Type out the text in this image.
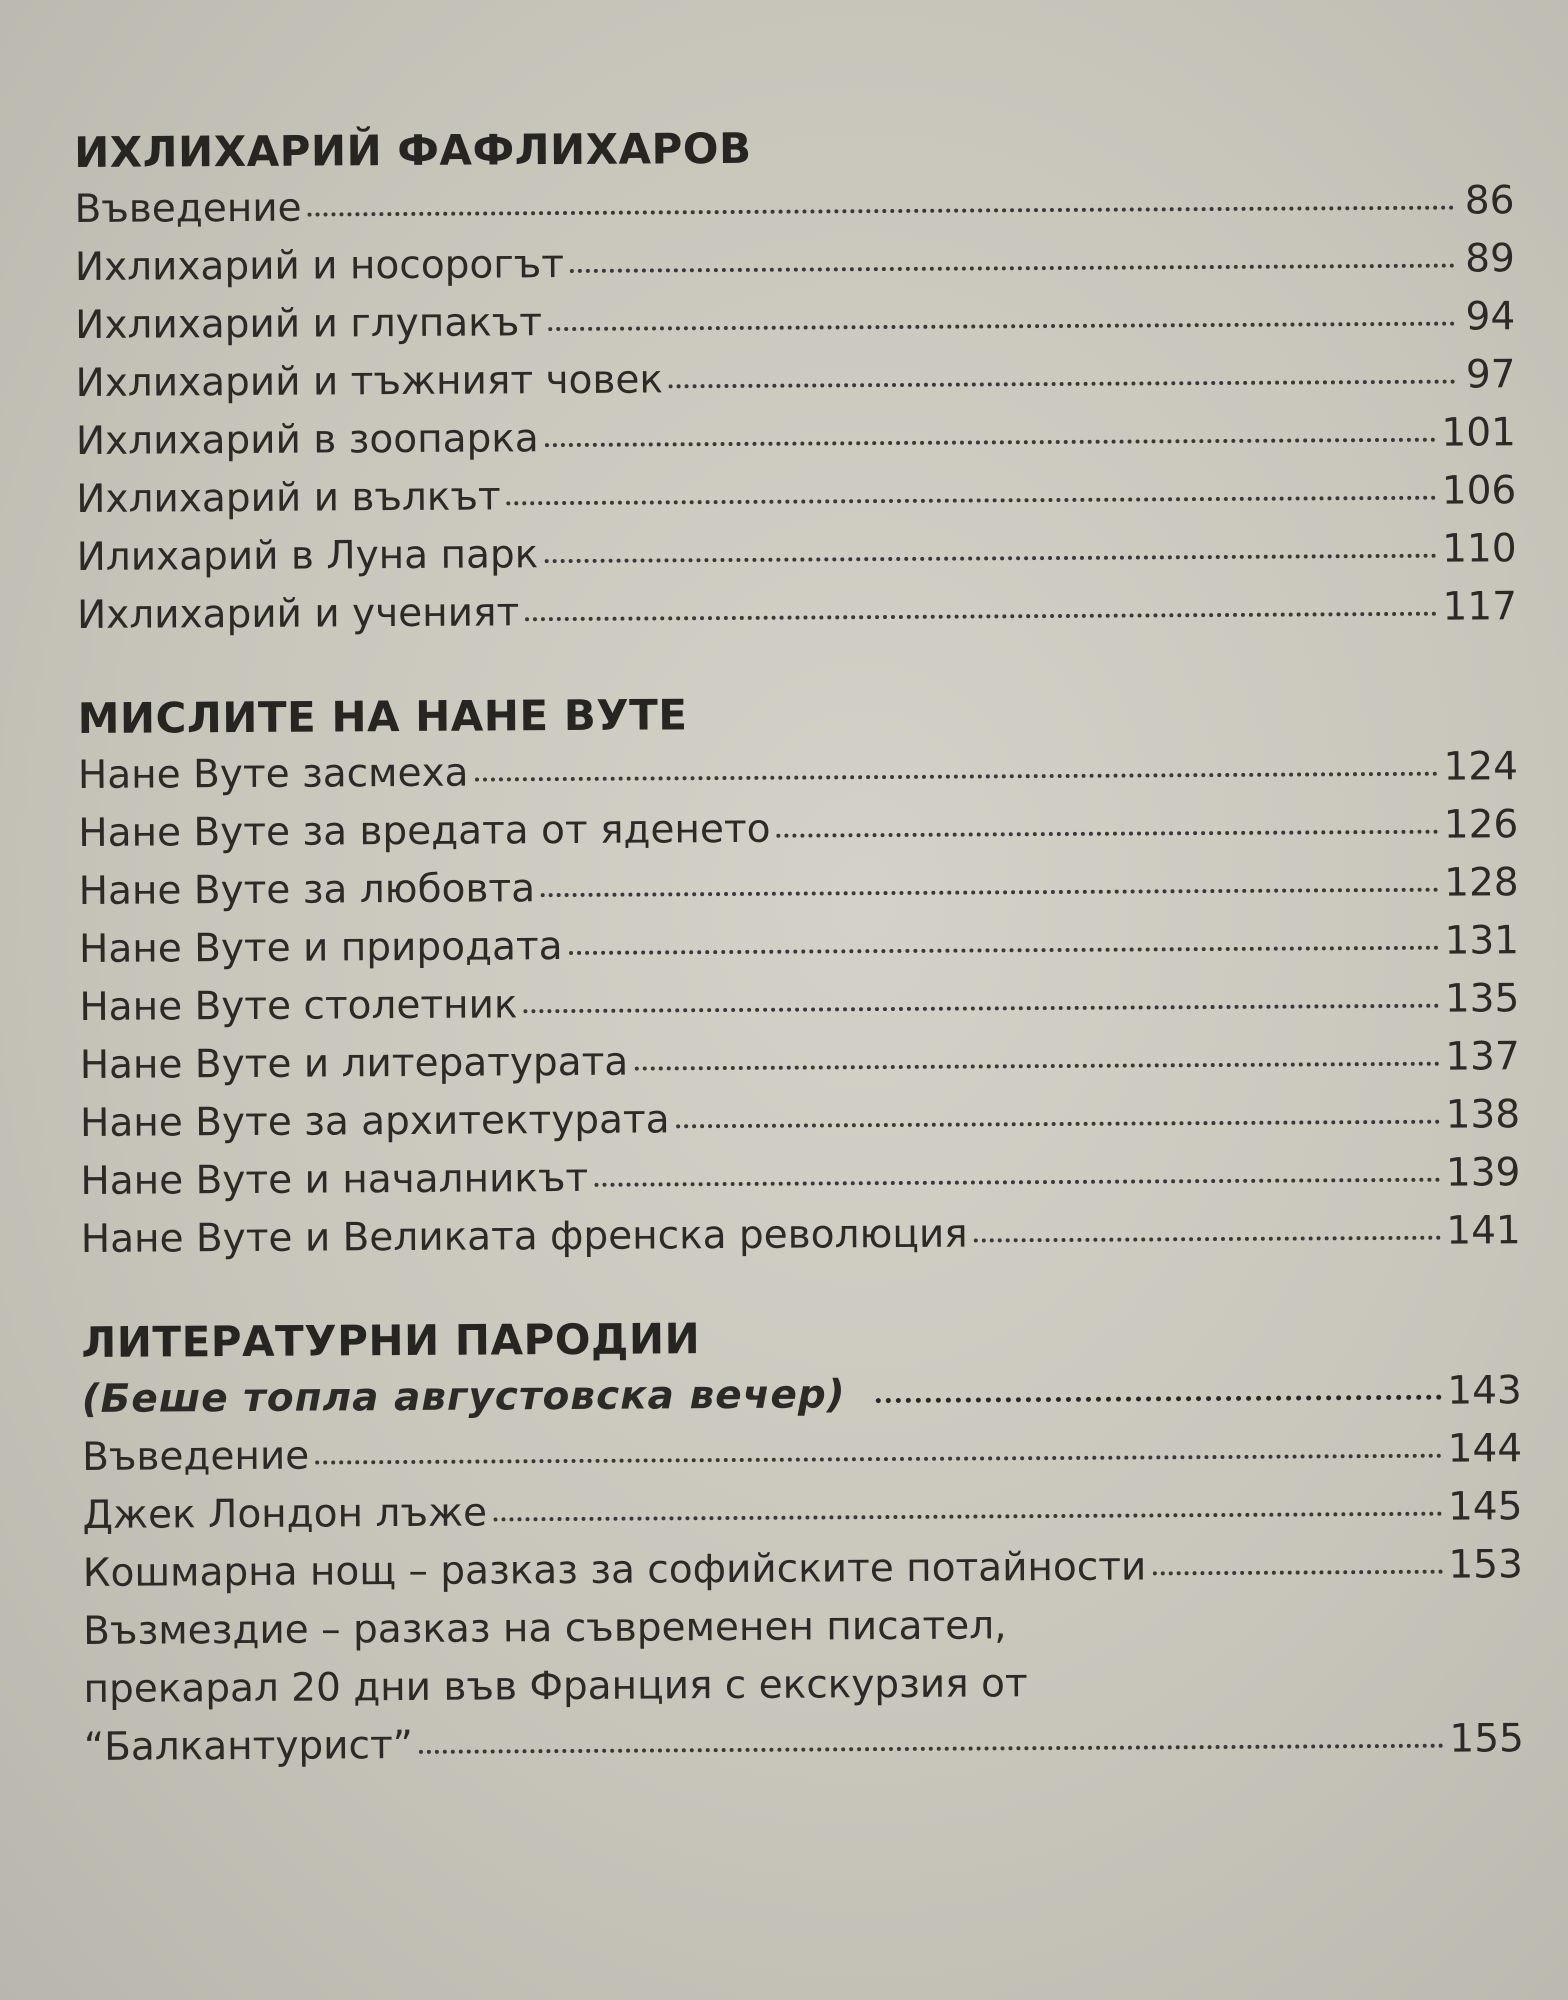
ИХЛИХАРИЙ ФАФЛИХАРОВ
Въведение	86
Ихлихарий и носорогът	89
Ихлихарий и глупакът	94
Ихлихарий и тъжният човек	97
Ихлихарий в зоопарка	101
Ихлихарий и вълкът	106
Илихарий в Луна парк	110
Ихлихарий и ученият	117
МИСЛИТЕ НА НАНЕ ВУТЕ
Нане Вуте засмеха	124
Нане Вуте за вредата от яденето	126
Нане Вуте за любовта	128
Нане Вуте и природата	131
Нане Вуте столетник	135
Нане Вуте и литературата	137
Нане Вуте за архитектурата	138
Нане Вуте и началникът	139
Нане Вуте и Великата френска революция	141
ЛИТЕРАТУРНИ ПАРОДИИ
(Беше топла августовска вечер)	143
Въведение	144
Джек Лондон лъже	145
Кошмарна нощ – разказ за софийските потайности	153
Възмездие – разказ на съвременен писател,
прекарал 20 дни във Франция с екскурзия от
“Балкантурист”	155
